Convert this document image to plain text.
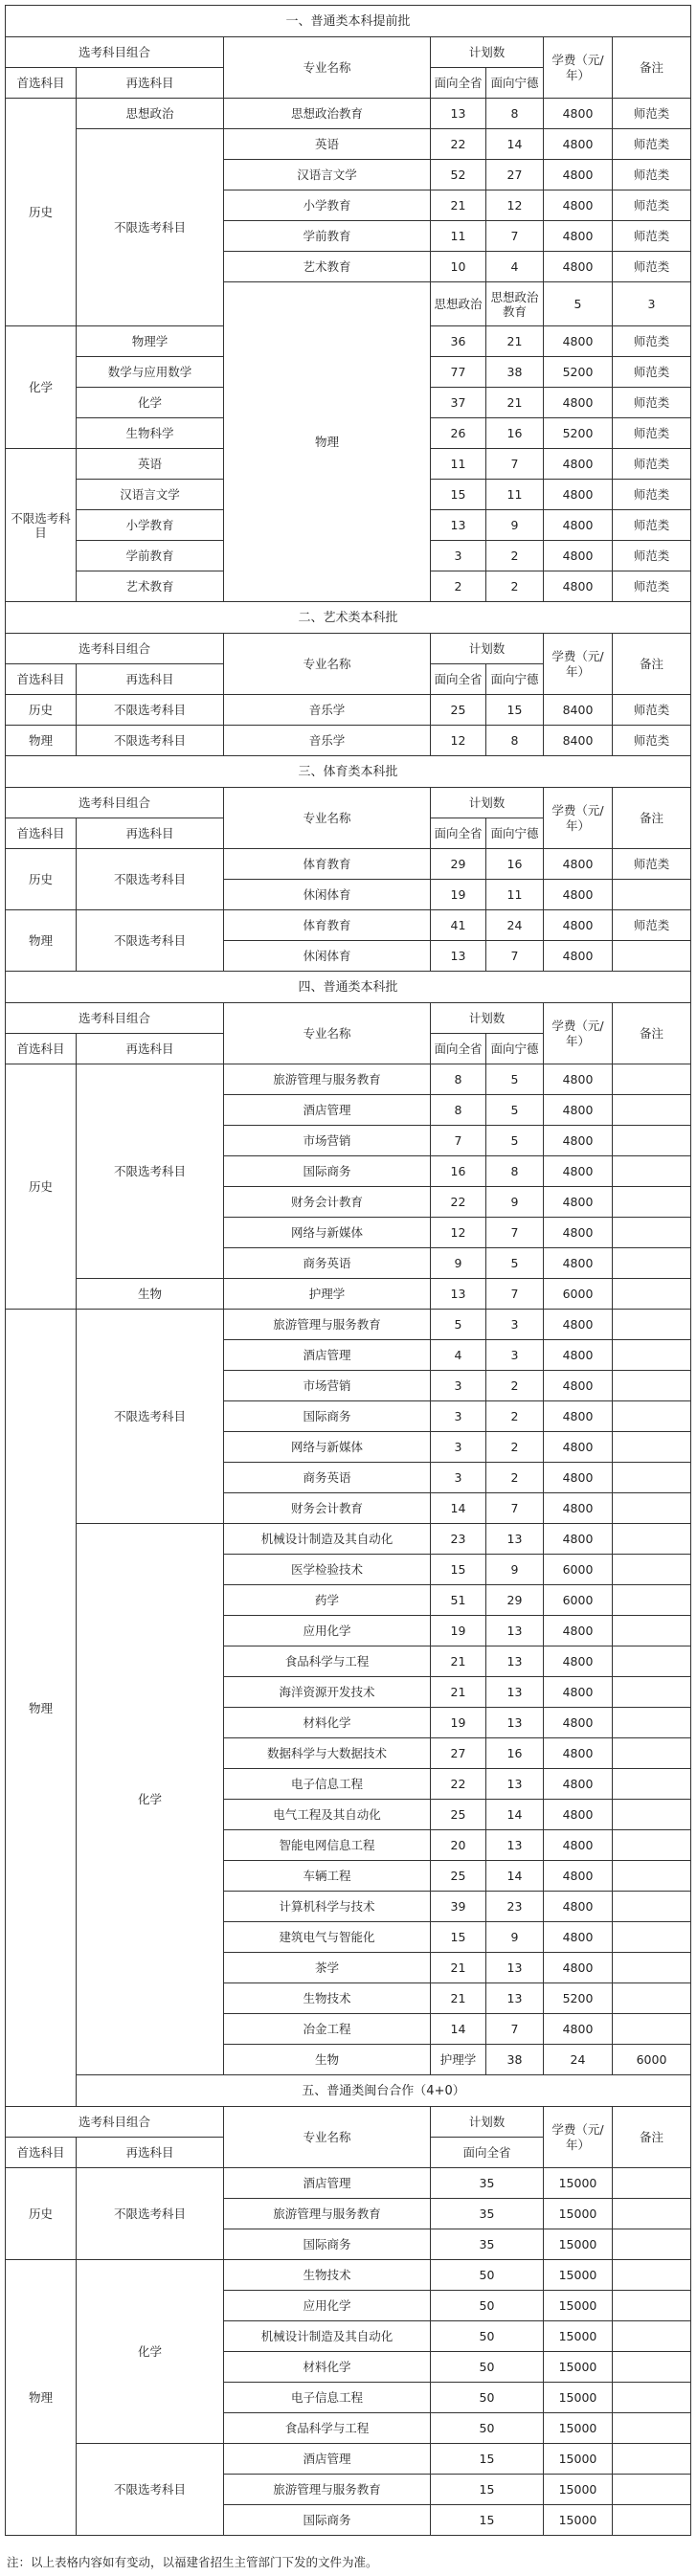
一、普通类本科提前批							
选考科目组合		专业名称	计划数		学费（元/年）	备注	
首选科目	再选科目		面向全省	面向宁德			
历史	思想政治	思想政治教育	13	8	4800	师范类	
	不限选考科目	英语	22	14	4800	师范类	
		汉语言文学	52	27	4800	师范类	
		小学教育	21	12	4800	师范类	
		学前教育	11	7	4800	师范类	
		艺术教育	10	4	4800	师范类	
		物理	思想政治	思想政治教育	5	3		
化学	物理学		36	21	4800	师范类	
	数学与应用数学		77	38	5200	师范类	
	化学		37	21	4800	师范类	
	生物科学		26	16	5200	师范类	
不限选考科目	英语		11	7	4800	师范类	
	汉语言文学		15	11	4800	师范类	
	小学教育		13	9	4800	师范类	
	学前教育		3	2	4800	师范类	
	艺术教育		2	2	4800	师范类	
二、艺术类本科批							
选考科目组合		专业名称	计划数		学费（元/年）	备注	
首选科目	再选科目		面向全省	面向宁德			
历史	不限选考科目	音乐学	25	15	8400	师范类	
物理	不限选考科目	音乐学	12	8	8400	师范类	
三、体育类本科批							
选考科目组合		专业名称	计划数		学费（元/年）	备注	
首选科目	再选科目		面向全省	面向宁德			
历史	不限选考科目	体育教育	29	16	4800	师范类	
		休闲体育	19	11	4800		
物理	不限选考科目	体育教育	41	24	4800	师范类	
		休闲体育	13	7	4800		
四、普通类本科批							
选考科目组合		专业名称	计划数		学费（元/年）	备注	
首选科目	再选科目		面向全省	面向宁德			
历史	不限选考科目	旅游管理与服务教育	8	5	4800		
		酒店管理	8	5	4800		
		市场营销	7	5	4800		
		国际商务	16	8	4800		
		财务会计教育	22	9	4800		
		网络与新媒体	12	7	4800		
		商务英语	9	5	4800		
	生物	护理学	13	7	6000		
物理	不限选考科目	旅游管理与服务教育	5	3	4800		
		酒店管理	4	3	4800		
		市场营销	3	2	4800		
		国际商务	3	2	4800		
		网络与新媒体	3	2	4800		
		商务英语	3	2	4800		
		财务会计教育	14	7	4800		
	化学	机械设计制造及其自动化	23	13	4800		
		医学检验技术	15	9	6000		
		药学	51	29	6000		
		应用化学	19	13	4800		
		食品科学与工程	21	13	4800		
		海洋资源开发技术	21	13	4800		
		材料化学	19	13	4800		
		数据科学与大数据技术	27	16	4800		
		电子信息工程	22	13	4800		
		电气工程及其自动化	25	14	4800		
		智能电网信息工程	20	13	4800		
		车辆工程	25	14	4800		
		计算机科学与技术	39	23	4800		
		建筑电气与智能化	15	9	4800		
		茶学	21	13	4800		
		生物技术	21	13	5200		
		冶金工程	14	7	4800		
		生物	护理学	38	24	6000	
	五、普通类闽台合作（4+0）						
选考科目组合		专业名称	计划数		学费（元/年）	备注	
首选科目	再选科目		面向全省				
历史	不限选考科目	酒店管理	35		15000		
		旅游管理与服务教育	35		15000		
		国际商务	35		15000		
物理	化学	生物技术	50		15000		
		应用化学	50		15000		
		机械设计制造及其自动化	50		15000		
		材料化学	50		15000		
		电子信息工程	50		15000		
		食品科学与工程	50		15000		
	不限选考科目	酒店管理	15		15000		
		旅游管理与服务教育	15		15000		
		国际商务	15		15000		
注：以上表格内容如有变动，以福建省招生主管部门下发的文件为准。
